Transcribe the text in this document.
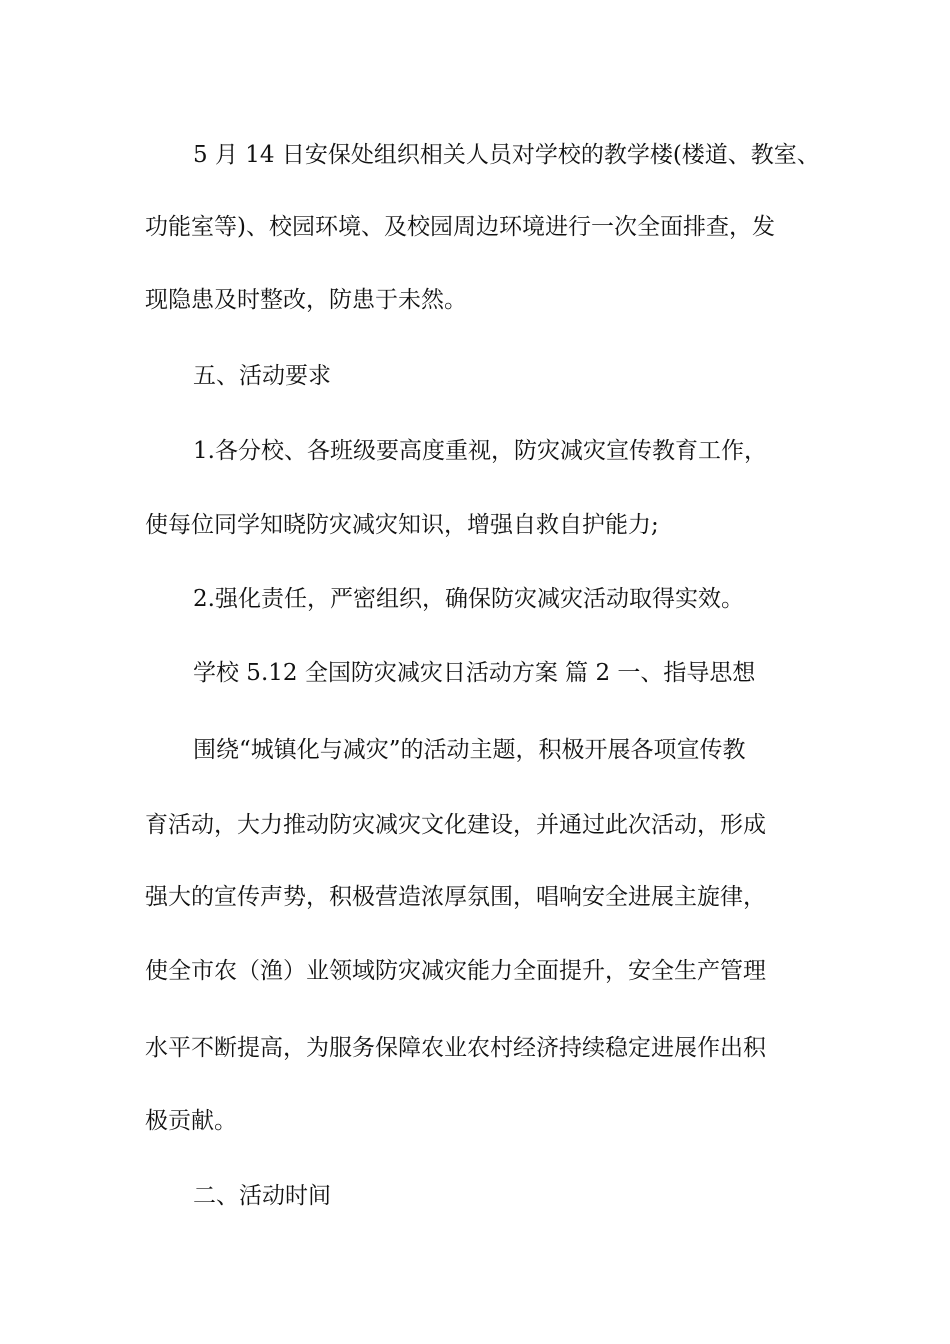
5 月 14 日安保处组织相关人员对学校的教学楼(楼道、教室、
功能室等)、校园环境、及校园周边环境进行一次全面排查，发
现隐患及时整改，防患于未然。
五、活动要求
1.各分校、各班级要高度重视，防灾减灾宣传教育工作，
使每位同学知晓防灾减灾知识，增强自救自护能力;
2.强化责任，严密组织，确保防灾减灾活动取得实效。
学校 5.12 全国防灾减灾日活动方案 篇 2 一、指导思想
围绕“城镇化与减灾”的活动主题，积极开展各项宣传教
育活动，大力推动防灾减灾文化建设，并通过此次活动，形成
强大的宣传声势，积极营造浓厚氛围，唱响安全进展主旋律，
使全市农（渔）业领域防灾减灾能力全面提升，安全生产管理
水平不断提高，为服务保障农业农村经济持续稳定进展作出积
极贡献。
二、活动时间
